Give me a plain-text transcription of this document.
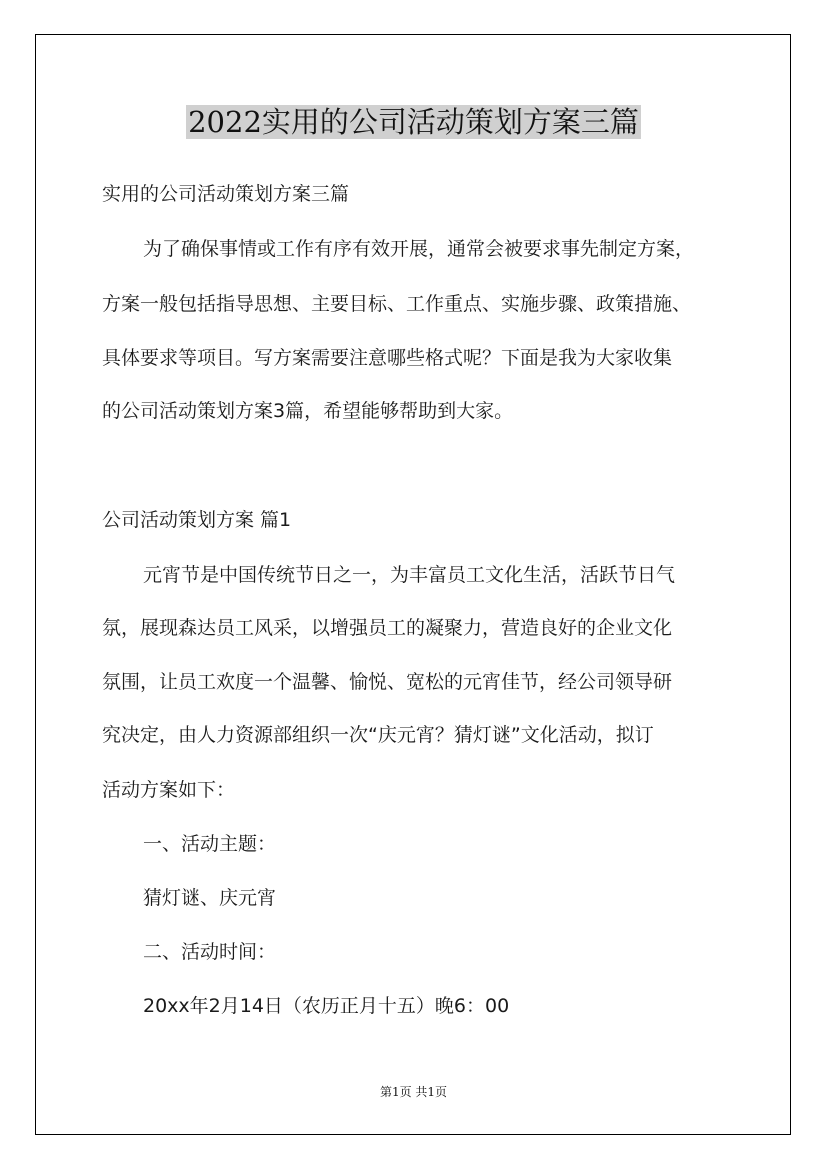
2022实用的公司活动策划方案三篇
实用的公司活动策划方案三篇
为了确保事情或工作有序有效开展，通常会被要求事先制定方案，
方案一般包括指导思想、主要目标、工作重点、实施步骤、政策措施、
具体要求等项目。写方案需要注意哪些格式呢？下面是我为大家收集
的公司活动策划方案3篇，希望能够帮助到大家。
公司活动策划方案 篇1
元宵节是中国传统节日之一，为丰富员工文化生活，活跃节日气
氛，展现森达员工风采，以增强员工的凝聚力，营造良好的企业文化
氛围，让员工欢度一个温馨、愉悦、宽松的元宵佳节，经公司领导研
究决定，由人力资源部组织一次“庆元宵？猜灯谜”文化活动，拟订
活动方案如下：
一、活动主题：
猜灯谜、庆元宵
二、活动时间：
20xx年2月14日（农历正月十五）晚6：00
第1页 共1页
